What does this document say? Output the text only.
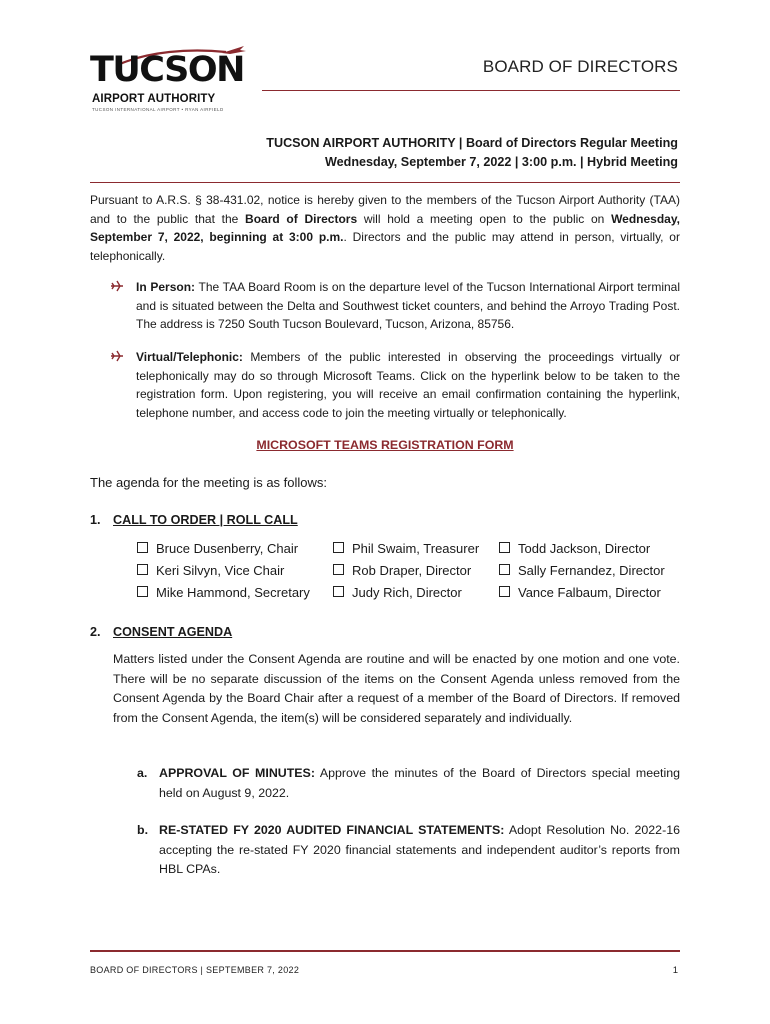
TUCSON
AIRPORT AUTHORITY
TUCSON INTERNATIONAL AIRPORT • RYAN AIRFIELD
BOARD OF DIRECTORS
TUCSON AIRPORT AUTHORITY | Board of Directors Regular Meeting
Wednesday, September 7, 2022 | 3:00 p.m. | Hybrid Meeting
Pursuant to A.R.S. § 38-431.02, notice is hereby given to the members of the Tucson Airport Authority (TAA) and to the public that the Board of Directors will hold a meeting open to the public on Wednesday, September 7, 2022, beginning at 3:00 p.m.. Directors and the public may attend in person, virtually, or telephonically.
In Person: The TAA Board Room is on the departure level of the Tucson International Airport terminal and is situated between the Delta and Southwest ticket counters, and behind the Arroyo Trading Post. The address is 7250 South Tucson Boulevard, Tucson, Arizona, 85756.
Virtual/Telephonic: Members of the public interested in observing the proceedings virtually or telephonically may do so through Microsoft Teams. Click on the hyperlink below to be taken to the registration form. Upon registering, you will receive an email confirmation containing the hyperlink, telephone number, and access code to join the meeting virtually or telephonically.
MICROSOFT TEAMS REGISTRATION FORM
The agenda for the meeting is as follows:
1. CALL TO ORDER | ROLL CALL
Bruce Dusenberry, Chair
Keri Silvyn, Vice Chair
Mike Hammond, Secretary
Phil Swaim, Treasurer
Rob Draper, Director
Judy Rich, Director
Todd Jackson, Director
Sally Fernandez, Director
Vance Falbaum, Director
2. CONSENT AGENDA
Matters listed under the Consent Agenda are routine and will be enacted by one motion and one vote. There will be no separate discussion of the items on the Consent Agenda unless removed from the Consent Agenda by the Board Chair after a request of a member of the Board of Directors. If removed from the Consent Agenda, the item(s) will be considered separately and individually.
a. APPROVAL OF MINUTES: Approve the minutes of the Board of Directors special meeting held on August 9, 2022.
b. RE-STATED FY 2020 AUDITED FINANCIAL STATEMENTS: Adopt Resolution No. 2022-16 accepting the re-stated FY 2020 financial statements and independent auditor’s reports from HBL CPAs.
BOARD OF DIRECTORS | SEPTEMBER 7, 2022	1
